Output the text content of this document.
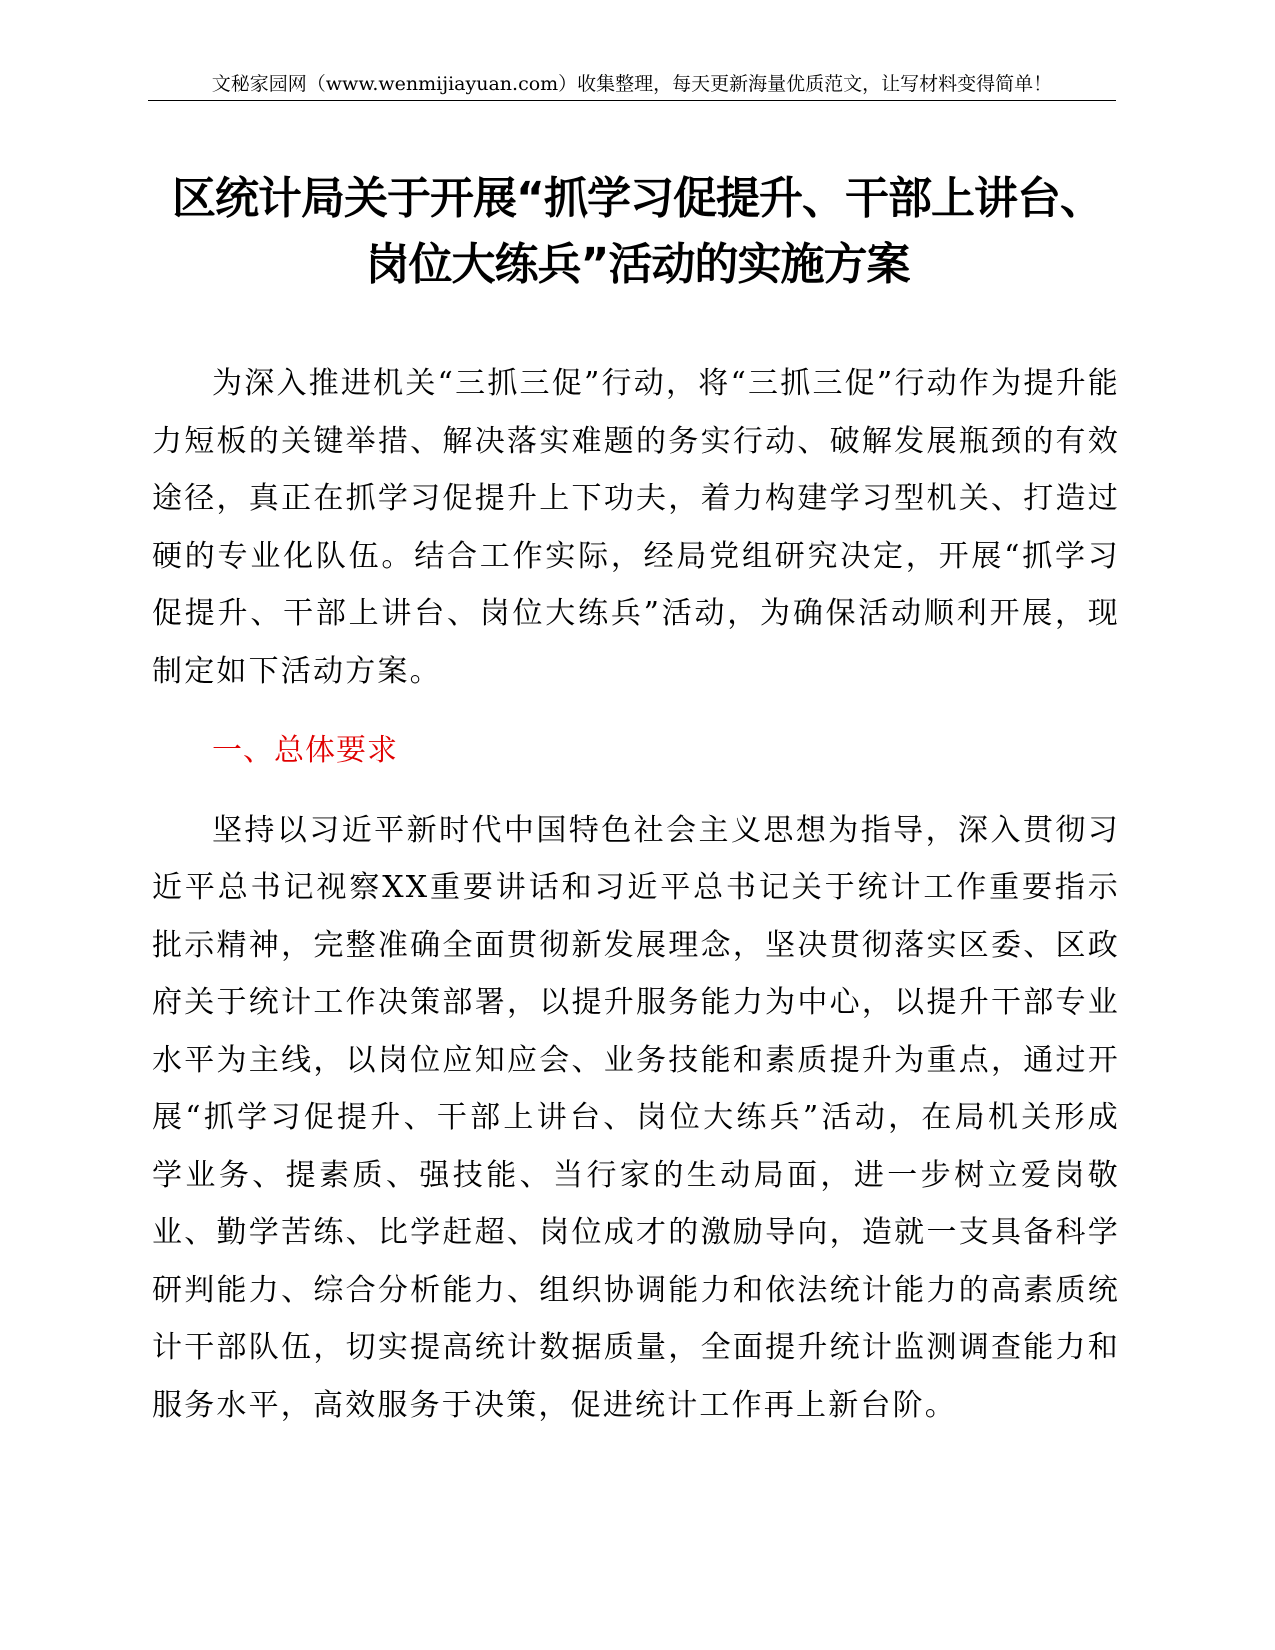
文秘家园网（www.wenmijiayuan.com）收集整理，每天更新海量优质范文，让写材料变得简单！
区统计局关于开展“抓学习促提升、干部上讲台、
岗位大练兵”活动的实施方案

为深入推进机关“三抓三促”行动，将“三抓三促”行动作为提升能力短板的关键举措、解决落实难题的务实行动、破解发展瓶颈的有效途径，真正在抓学习促提升上下功夫，着力构建学习型机关、打造过硬的专业化队伍。结合工作实际，经局党组研究决定，开展“抓学习促提升、干部上讲台、岗位大练兵”活动，为确保活动顺利开展，现制定如下活动方案。

一、总体要求

坚持以习近平新时代中国特色社会主义思想为指导，深入贯彻习近平总书记视察XX重要讲话和习近平总书记关于统计工作重要指示批示精神，完整准确全面贯彻新发展理念，坚决贯彻落实区委、区政府关于统计工作决策部署，以提升服务能力为中心，以提升干部专业水平为主线，以岗位应知应会、业务技能和素质提升为重点，通过开展“抓学习促提升、干部上讲台、岗位大练兵”活动，在局机关形成学业务、提素质、强技能、当行家的生动局面，进一步树立爱岗敬业、勤学苦练、比学赶超、岗位成才的激励导向，造就一支具备科学研判能力、综合分析能力、组织协调能力和依法统计能力的高素质统计干部队伍，切实提高统计数据质量，全面提升统计监测调查能力和服务水平，高效服务于决策，促进统计工作再上新台阶。
